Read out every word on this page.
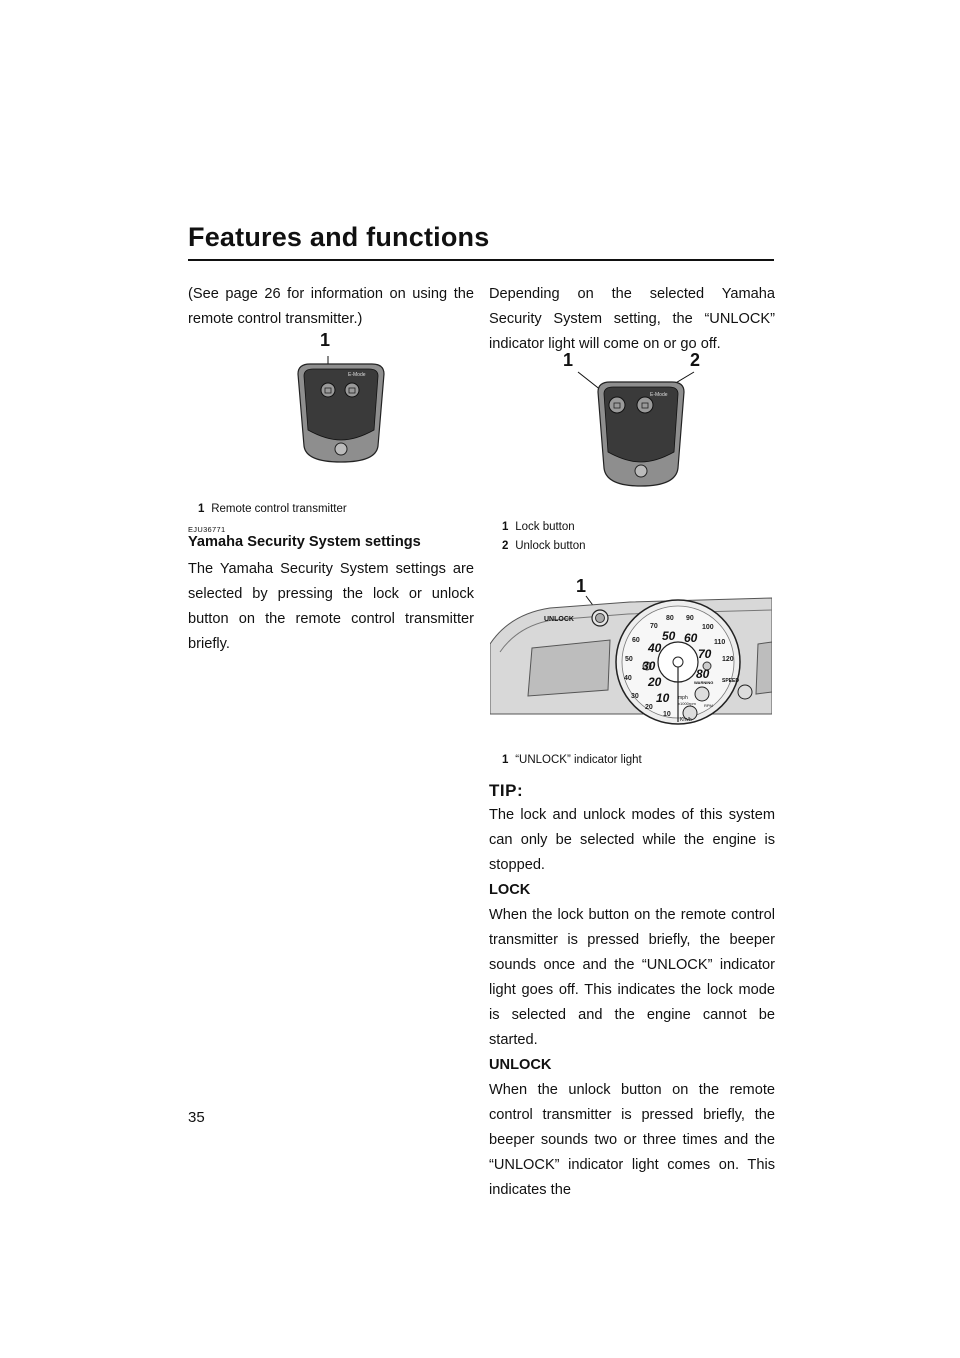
Features and functions

(See page 26 for information on using the remote control transmitter.)

1
E-Mode
1 Remote control transmitter
EJU36771
Yamaha Security System settings

The Yamaha Security System settings are selected by pressing the lock or unlock button on the remote control transmitter briefly.

Depending on the selected Yamaha Security System setting, the “UNLOCK” indicator light will come on or go off.

1	2
E-Mode
1 Lock button
2 Unlock button
1
80 90
100
110
120
70
60
50
40
30
20
10
50 60
40	70
30
80
20
10
UNLOCK
SPEED
WARNING
mph
x1000rpm RPM
Km/h
1 “UNLOCK” indicator light
TIP:

The lock and unlock modes of this system can only be selected while the engine is stopped.

LOCK

When the lock button on the remote control transmitter is pressed briefly, the beeper sounds once and the “UNLOCK” indicator light goes off. This indicates the lock mode is selected and the engine cannot be started.

UNLOCK

When the unlock button on the remote control transmitter is pressed briefly, the beeper sounds two or three times and the “UNLOCK” indicator light comes on. This indicates the

35
